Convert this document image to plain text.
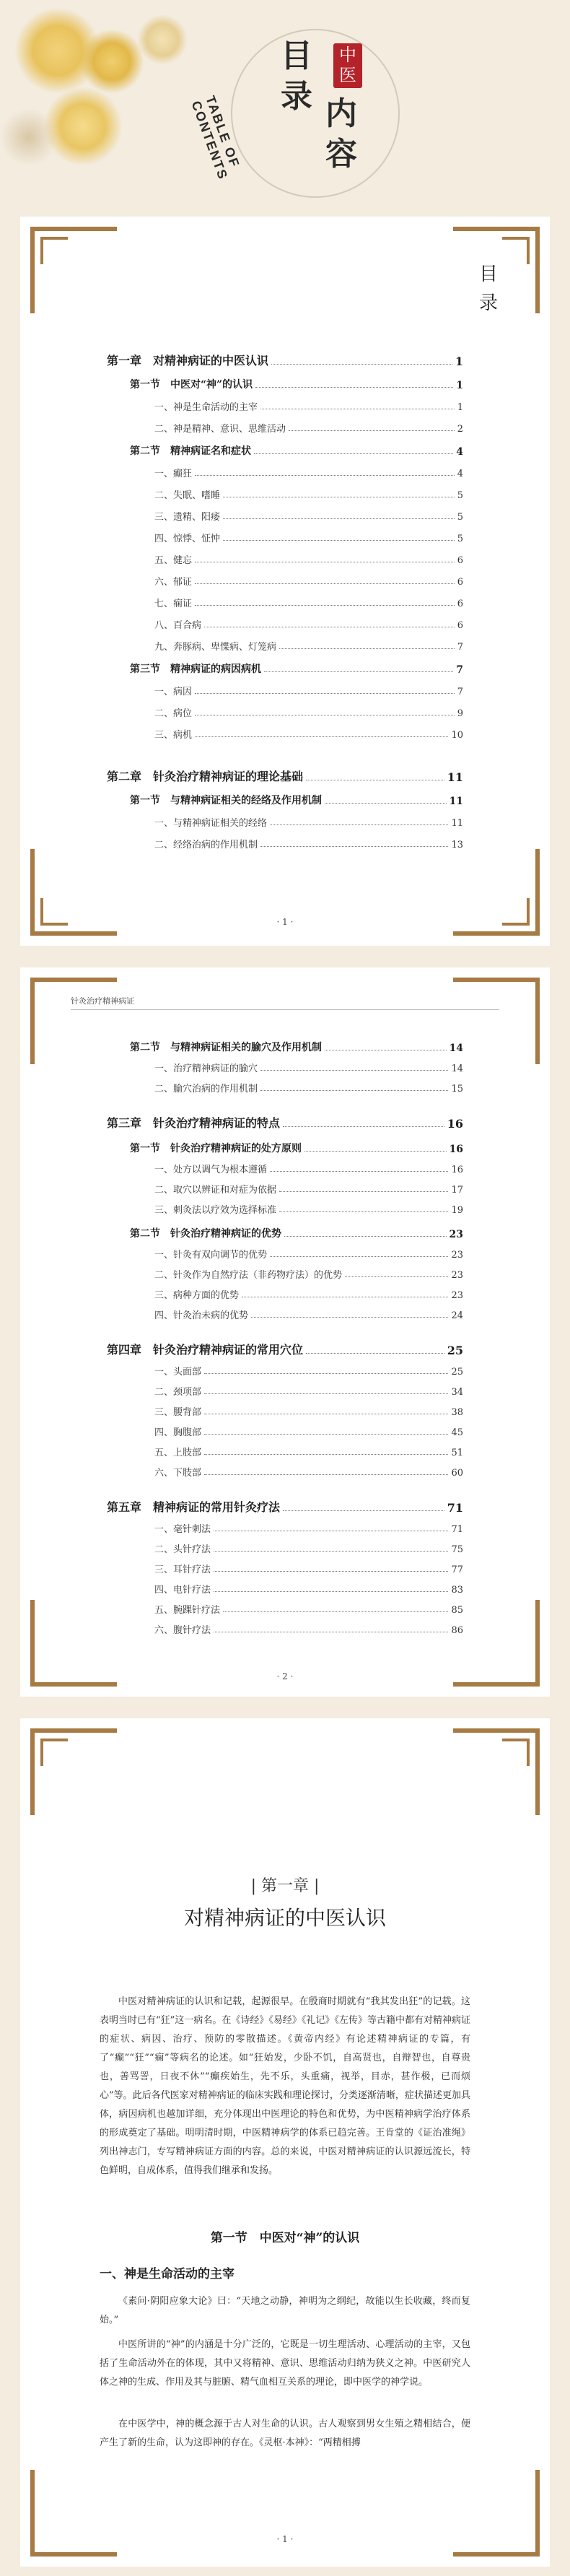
TABLE OF CONTENTS
目录 内容
中医
目录
第一章　对精神病证的中医认识	1
第一节　中医对“神”的认识	1
一、神是生命活动的主宰	1
二、神是精神、意识、思维活动	2
第二节　精神病证名和症状	4
一、癫狂	4
二、失眠、嗜睡	5
三、遗精、阳痿	5
四、惊悸、怔忡	5
五、健忘	6
六、郁证	6
七、痫证	6
八、百合病	6
九、奔豚病、卑惵病、灯笼病	7
第三节　精神病证的病因病机	7
一、病因	7
二、病位	9
三、病机	10
第二章　针灸治疗精神病证的理论基础	11
第一节　与精神病证相关的经络及作用机制	11
一、与精神病证相关的经络	11
二、经络治病的作用机制	13
· 1 ·
针灸治疗精神病证
第二节　与精神病证相关的腧穴及作用机制	14
一、治疗精神病证的腧穴	14
二、腧穴治病的作用机制	15
第三章　针灸治疗精神病证的特点	16
第一节　针灸治疗精神病证的处方原则	16
一、处方以调气为根本遵循	16
二、取穴以辨证和对症为依据	17
三、刺灸法以疗效为选择标准	19
第二节　针灸治疗精神病证的优势	23
一、针灸有双向调节的优势	23
二、针灸作为自然疗法（非药物疗法）的优势	23
三、病种方面的优势	23
四、针灸治未病的优势	24
第四章　针灸治疗精神病证的常用穴位	25
一、头面部	25
二、颈项部	34
三、腰背部	38
四、胸腹部	45
五、上肢部	51
六、下肢部	60
第五章　精神病证的常用针灸疗法	71
一、毫针刺法	71
二、头针疗法	75
三、耳针疗法	77
四、电针疗法	83
五、腕踝针疗法	85
六、腹针疗法	86
· 2 ·
| 第一章 |
对精神病证的中医认识
中医对精神病证的认识和记载，起源很早。在殷商时期就有“我其发出狂”的记载。这表明当时已有“狂”这一病名。在《诗经》《易经》《礼记》《左传》等古籍中都有对精神病证的症状、病因、治疗、预防的零散描述。《黄帝内经》有论述精神病证的专篇，有了“癫”“狂”“痫”等病名的论述。如“狂始发，少卧不饥，自高贤也，自辩智也，自尊贵也，善骂詈，日夜不休”“癫疾始生，先不乐，头重痛，视举，目赤，甚作极，已而烦心”等。此后各代医家对精神病证的临床实践和理论探讨，分类逐渐清晰，症状描述更加具体，病因病机也越加详细，充分体现出中医理论的特色和优势，为中医精神病学治疗体系的形成奠定了基础。明明清时期，中医精神病学的体系已趋完善。王肯堂的《证治准绳》列出神志门，专写精神病证方面的内容。总的来说，中医对精神病证的认识源远流长，特色鲜明，自成体系，值得我们继承和发扬。
第一节　中医对“神”的认识
一、神是生命活动的主宰
《素问·阴阳应象大论》曰：“天地之动静，神明为之纲纪，故能以生长收藏，终而复始。”
中医所讲的“神”的内涵是十分广泛的，它既是一切生理活动、心理活动的主宰，又包括了生命活动外在的体现，其中又将精神、意识、思维活动归纳为狭义之神。中医研究人体之神的生成、作用及其与脏腑、精气血相互关系的理论，即中医学的神学说。
在中医学中，神的概念源于古人对生命的认识。古人观察到男女生殖之精相结合，便产生了新的生命，认为这即神的存在。《灵枢·本神》：“两精相搏
· 1 ·
